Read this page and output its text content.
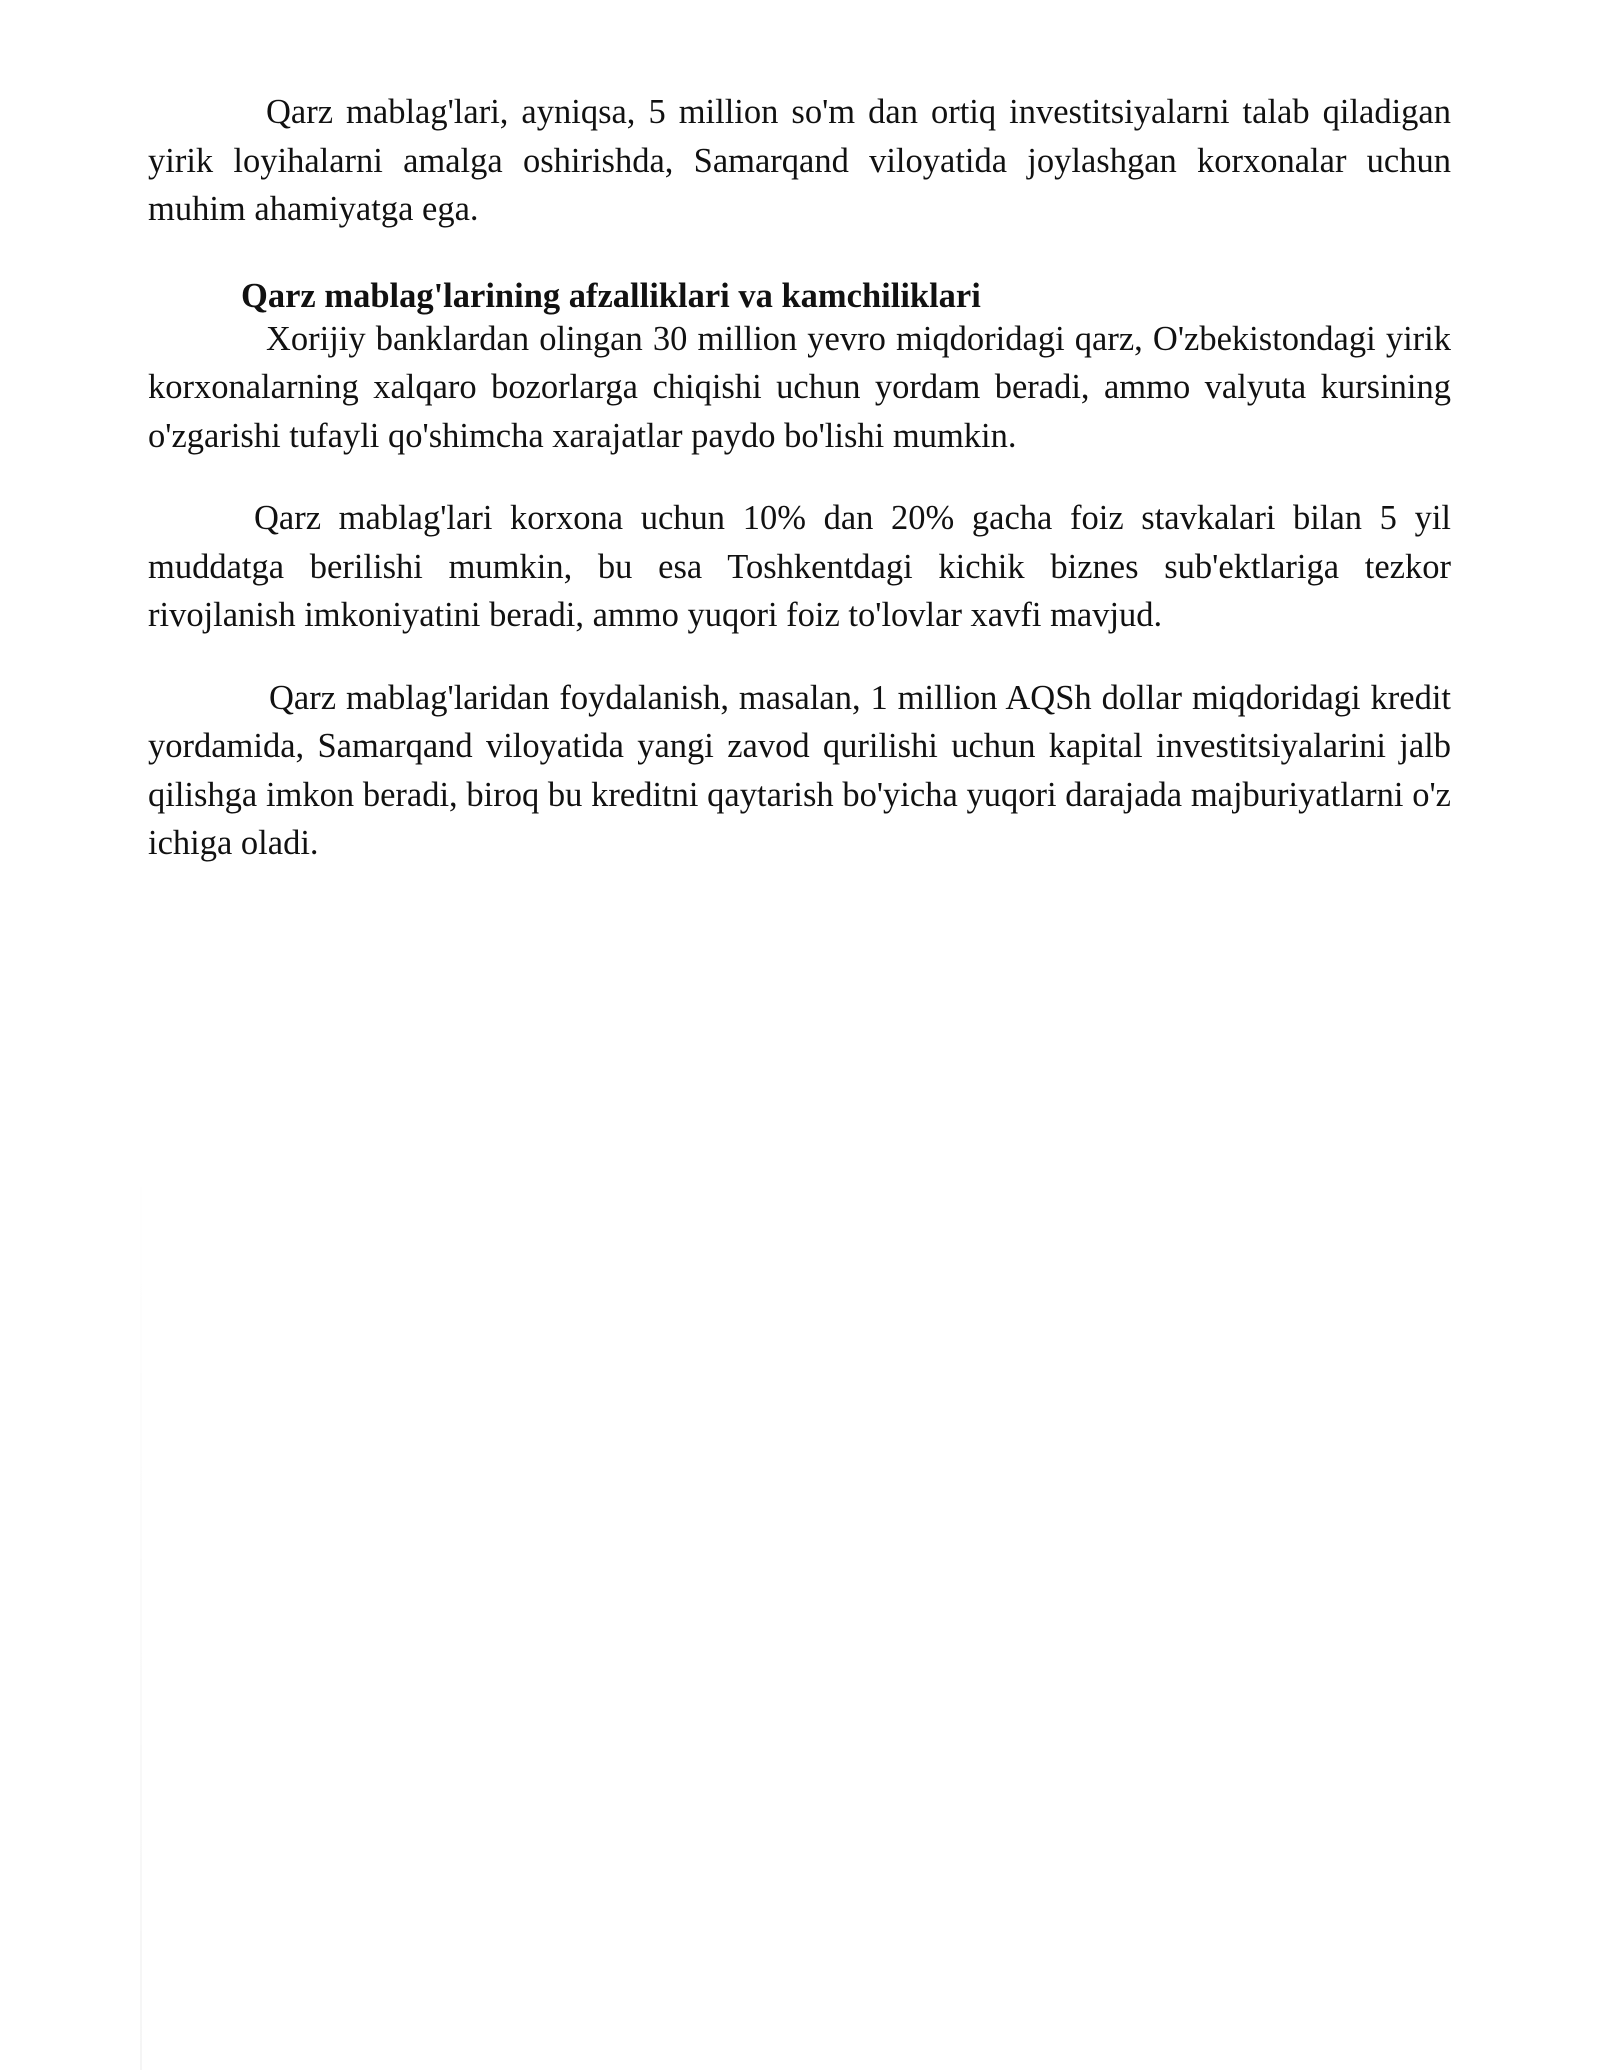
Qarz mablag'lari, ayniqsa, 5 million so'm dan ortiq investitsiyalarni talab qiladigan yirik loyihalarni amalga oshirishda, Samarqand viloyatida joylashgan korxonalar uchun muhim ahamiyatga ega.

Qarz mablag'larining afzalliklari va kamchiliklari

Xorijiy banklardan olingan 30 million yevro miqdoridagi qarz, O'zbekistondagi yirik korxonalarning xalqaro bozorlarga chiqishi uchun yordam beradi, ammo valyuta kursining o'zgarishi tufayli qo'shimcha xarajatlar paydo bo'lishi mumkin.

Qarz mablag'lari korxona uchun 10% dan 20% gacha foiz stavkalari bilan 5 yil muddatga berilishi mumkin, bu esa Toshkentdagi kichik biznes sub'ektlariga tezkor rivojlanish imkoniyatini beradi, ammo yuqori foiz to'lovlar xavfi mavjud.

Qarz mablag'laridan foydalanish, masalan, 1 million AQSh dollar miqdoridagi kredit yordamida, Samarqand viloyatida yangi zavod qurilishi uchun kapital investitsiyalarini jalb qilishga imkon beradi, biroq bu kreditni qaytarish bo'yicha yuqori darajada majburiyatlarni o'z ichiga oladi.
